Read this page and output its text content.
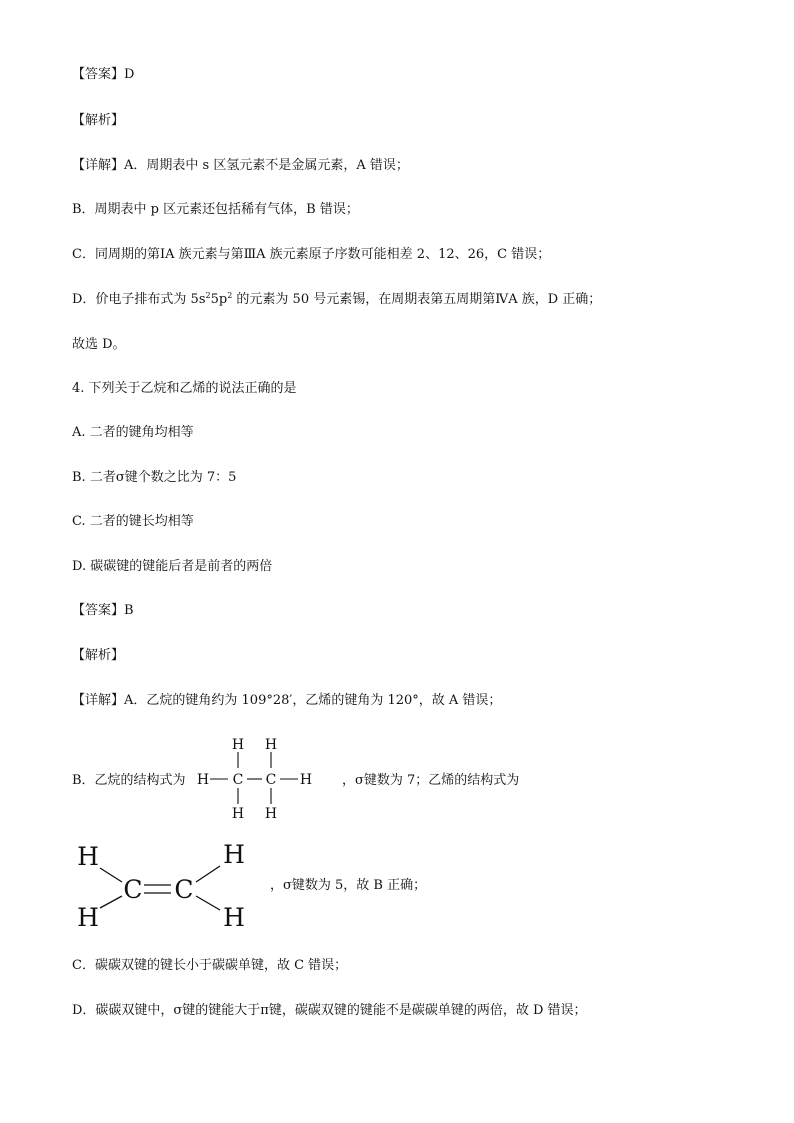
【答案】D
【解析】
【详解】A．周期表中 s 区氢元素不是金属元素，A 错误；
B．周期表中 p 区元素还包括稀有气体，B 错误；
C．同周期的第ⅠA 族元素与第ⅢA 族元素原子序数可能相差 2、12、26，C 错误；
D．价电子排布式为 $5s^25p^2$ 的元素为 50 号元素锡，在周期表第五周期第ⅣA 族，D 正确；
故选 D。
4. 下列关于乙烷和乙烯的说法正确的是
A. 二者的键角均相等
B. 二者σ键个数之比为 7：5
C. 二者的键长均相等
D. 碳碳键的键能后者是前者的两倍
【答案】B
【解析】
【详解】A．乙烷的键角约为 109°28′，乙烯的键角为 120°，故 A 错误；
B．乙烷的结构式为
H H
H C C H
H H
，σ键数为 7；乙烯的结构式为
H
H
C C
H
H
，σ键数为 5，故 B 正确；
C．碳碳双键的键长小于碳碳单键，故 C 错误；
D．碳碳双键中，σ键的键能大于π键，碳碳双键的键能不是碳碳单键的两倍，故 D 错误；
